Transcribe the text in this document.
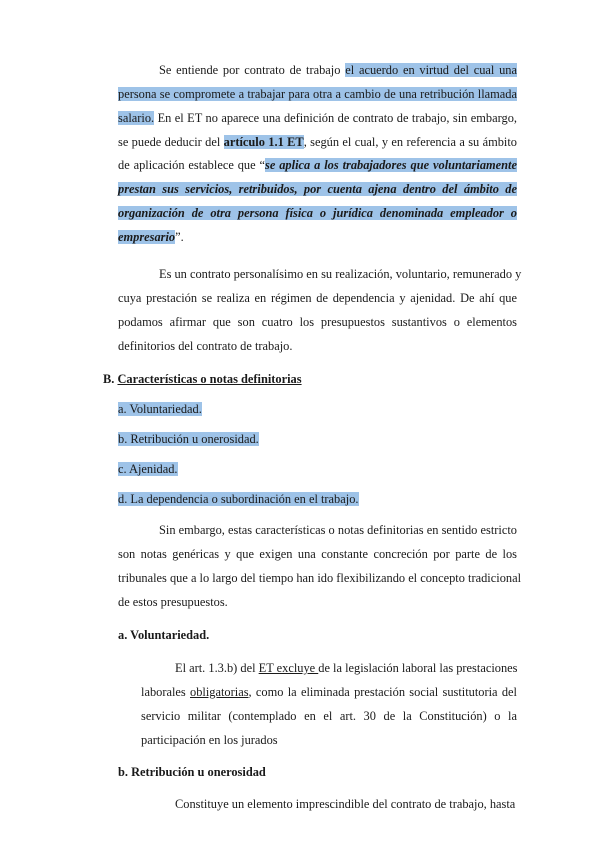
Se entiende por contrato de trabajo el acuerdo en virtud del cual una
persona se compromete a trabajar para otra a cambio de una retribución llamada
salario. En el ET no aparece una definición de contrato de trabajo, sin embargo,
se puede deducir del artículo 1.1 ET, según el cual, y en referencia a su ámbito
de aplicación establece que “se aplica a los trabajadores que voluntariamente
prestan sus servicios, retribuidos, por cuenta ajena dentro del ámbito de
organización de otra persona física o jurídica denominada empleador o
empresario”.
Es un contrato personalísimo en su realización, voluntario, remunerado y
cuya prestación se realiza en régimen de dependencia y ajenidad. De ahí que
podamos afirmar que son cuatro los presupuestos sustantivos o elementos
definitorios del contrato de trabajo.
B. Características o notas definitorias
a. Voluntariedad.
b. Retribución u onerosidad.
c. Ajenidad.
d. La dependencia o subordinación en el trabajo.
Sin embargo, estas características o notas definitorias en sentido estricto
son notas genéricas y que exigen una constante concreción por parte de los
tribunales que a lo largo del tiempo han ido flexibilizando el concepto tradicional
de estos presupuestos.
a. Voluntariedad.
El art. 1.3.b) del ET excluye de la legislación laboral las prestaciones
laborales obligatorias, como la eliminada prestación social sustitutoria del
servicio militar (contemplado en el art. 30 de la Constitución) o la
participación en los jurados
b. Retribución u onerosidad
Constituye un elemento imprescindible del contrato de trabajo, hasta
